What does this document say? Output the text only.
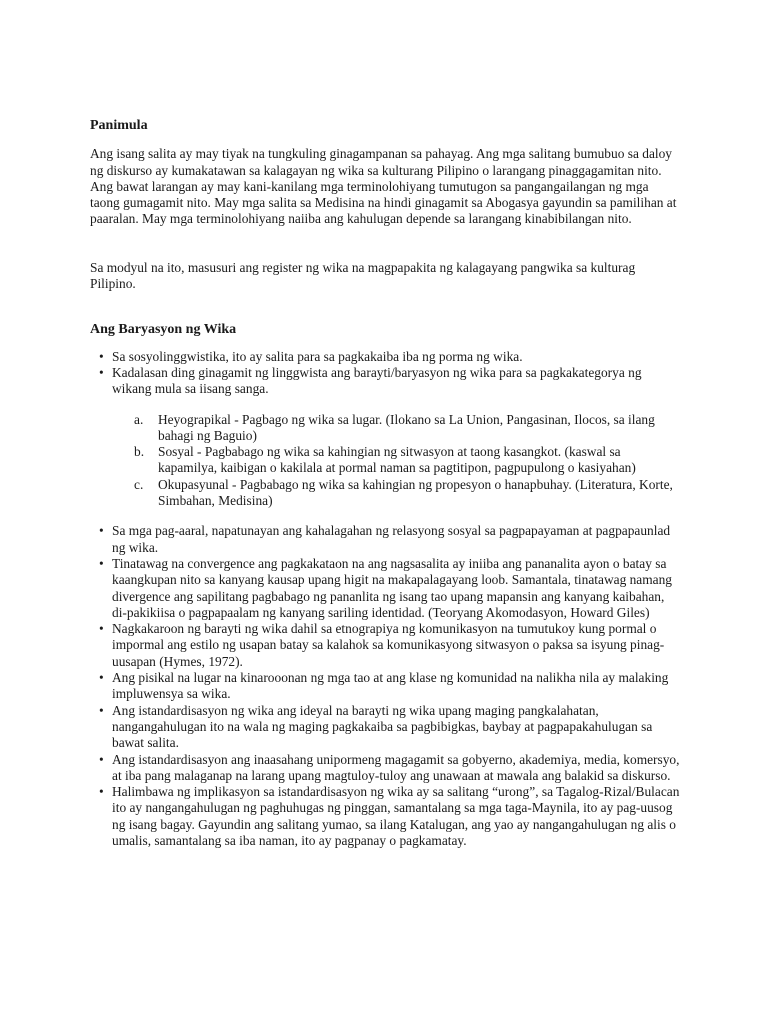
Panimula

Ang isang salita ay may tiyak na tungkuling ginagampanan sa pahayag. Ang mga salitang bumubuo sa daloy ng diskurso ay kumakatawan sa kalagayan ng wika sa kulturang Pilipino o larangang pinaggagamitan nito. Ang bawat larangan ay may kani-kanilang mga terminolohiyang tumutugon sa pangangailangan ng mga taong gumagamit nito. May mga salita sa Medisina na hindi ginagamit sa Abogasya gayundin sa pamilihan at paaralan. May mga terminolohiyang naiiba ang kahulugan depende sa larangang kinabibilangan nito.

Sa modyul na ito, masusuri ang register ng wika na magpapakita ng kalagayang pangwika sa kulturag Pilipino.

Ang Baryasyon ng Wika
• Sa sosyolinggwistika, ito ay salita para sa pagkakaiba iba ng porma ng wika.
• Kadalasan ding ginagamit ng linggwista ang barayti/baryasyon ng wika para sa pagkakategorya ng wikang mula sa iisang sanga.
a. Heyograpikal - Pagbago ng wika sa lugar. (Ilokano sa La Union, Pangasinan, Ilocos, sa ilang bahagi ng Baguio)
b. Sosyal - Pagbabago ng wika sa kahingian ng sitwasyon at taong kasangkot. (kaswal sa kapamilya, kaibigan o kakilala at pormal naman sa pagtitipon, pagpupulong o kasiyahan)
c. Okupasyunal - Pagbabago ng wika sa kahingian ng propesyon o hanapbuhay. (Literatura, Korte, Simbahan, Medisina)
• Sa mga pag-aaral, napatunayan ang kahalagahan ng relasyong sosyal sa pagpapayaman at pagpapaunlad ng wika.
• Tinatawag na convergence ang pagkakataon na ang nagsasalita ay iniiba ang pananalita ayon o batay sa kaangkupan nito sa kanyang kausap upang higit na makapalagayang loob. Samantala, tinatawag namang divergence ang sapilitang pagbabago ng pananlita ng isang tao upang mapansin ang kanyang kaibahan, di-pakikiisa o pagpapaalam ng kanyang sariling identidad. (Teoryang Akomodasyon, Howard Giles)
• Nagkakaroon ng barayti ng wika dahil sa etnograpiya ng komunikasyon na tumutukoy kung pormal o impormal ang estilo ng usapan batay sa kalahok sa komunikasyong sitwasyon o paksa sa isyung pinag-uusapan (Hymes, 1972).
• Ang pisikal na lugar na kinarooonan ng mga tao at ang klase ng komunidad na nalikha nila ay malaking impluwensya sa wika.
• Ang istandardisasyon ng wika ang ideyal na barayti ng wika upang maging pangkalahatan, nangangahulugan ito na wala ng maging pagkakaiba sa pagbibigkas, baybay at pagpapakahulugan sa bawat salita.
• Ang istandardisasyon ang inaasahang unipormeng magagamit sa gobyerno, akademiya, media, komersyo, at iba pang malaganap na larang upang magtuloy-tuloy ang unawaan at mawala ang balakid sa diskurso.
• Halimbawa ng implikasyon sa istandardisasyon ng wika ay sa salitang “urong”, sa Tagalog-Rizal/Bulacan ito ay nangangahulugan ng paghuhugas ng pinggan, samantalang sa mga taga-Maynila, ito ay pag-uusog ng isang bagay. Gayundin ang salitang yumao, sa ilang Katalugan, ang yao ay nangangahulugan ng alis o umalis, samantalang sa iba naman, ito ay pagpanay o pagkamatay.
